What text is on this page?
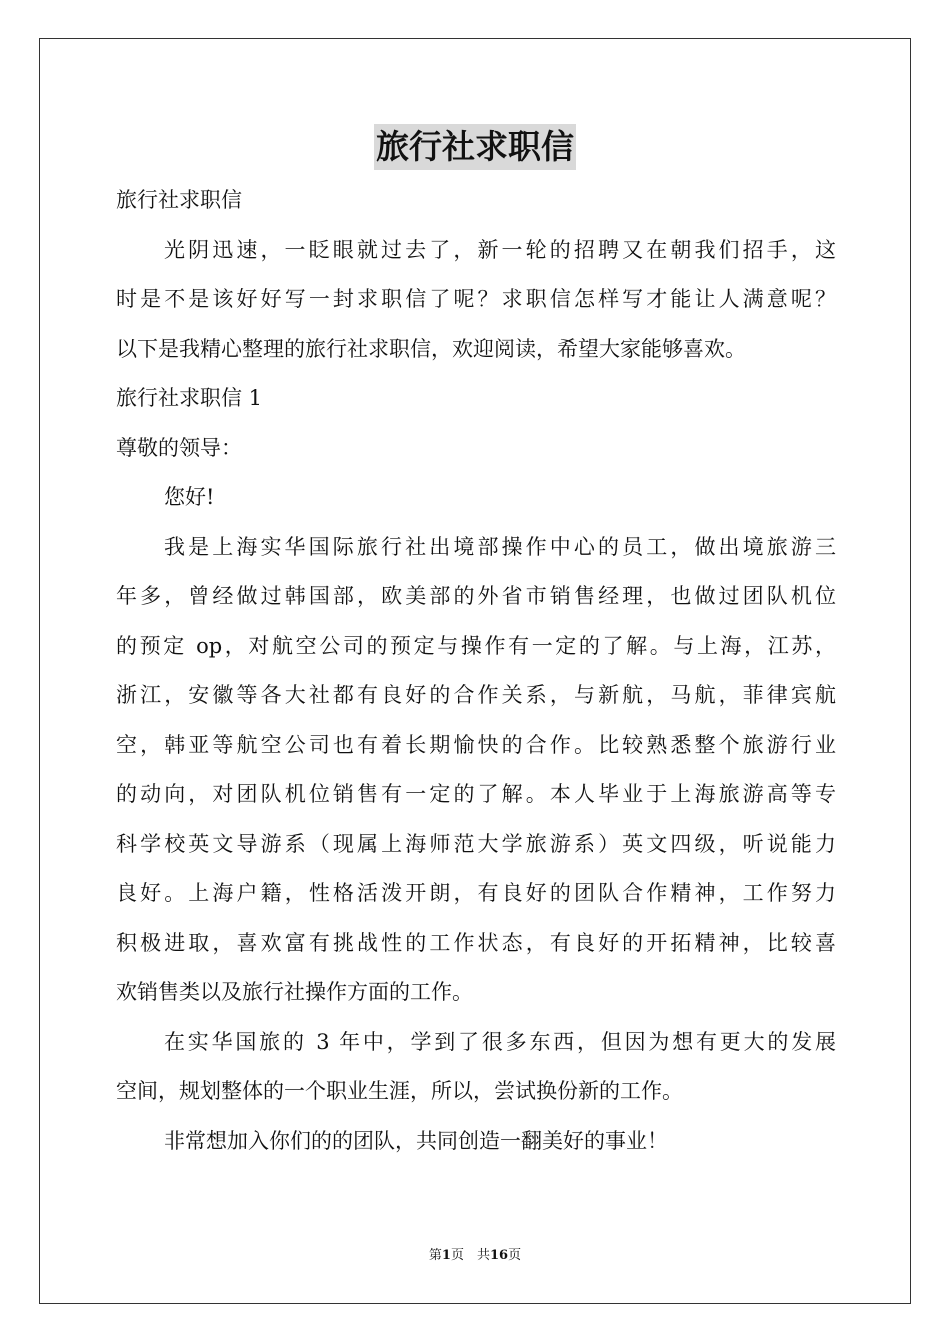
旅行社求职信
旅行社求职信
光阴迅速，一眨眼就过去了，新一轮的招聘又在朝我们招手，这
时是不是该好好写一封求职信了呢？求职信怎样写才能让人满意呢？
以下是我精心整理的旅行社求职信，欢迎阅读，希望大家能够喜欢。
旅行社求职信 1
尊敬的领导：
您好!
我是上海实华国际旅行社出境部操作中心的员工，做出境旅游三
年多，曾经做过韩国部，欧美部的外省市销售经理，也做过团队机位
的预定 op，对航空公司的预定与操作有一定的了解。与上海，江苏，
浙江，安徽等各大社都有良好的合作关系，与新航，马航，菲律宾航
空，韩亚等航空公司也有着长期愉快的合作。比较熟悉整个旅游行业
的动向，对团队机位销售有一定的了解。本人毕业于上海旅游高等专
科学校英文导游系（现属上海师范大学旅游系）英文四级，听说能力
良好。上海户籍，性格活泼开朗，有良好的团队合作精神，工作努力
积极进取，喜欢富有挑战性的工作状态，有良好的开拓精神，比较喜
欢销售类以及旅行社操作方面的工作。
在实华国旅的 3 年中，学到了很多东西，但因为想有更大的发展
空间，规划整体的一个职业生涯，所以，尝试换份新的工作。
非常想加入你们的的团队，共同创造一翻美好的事业！
第1页　共16页
